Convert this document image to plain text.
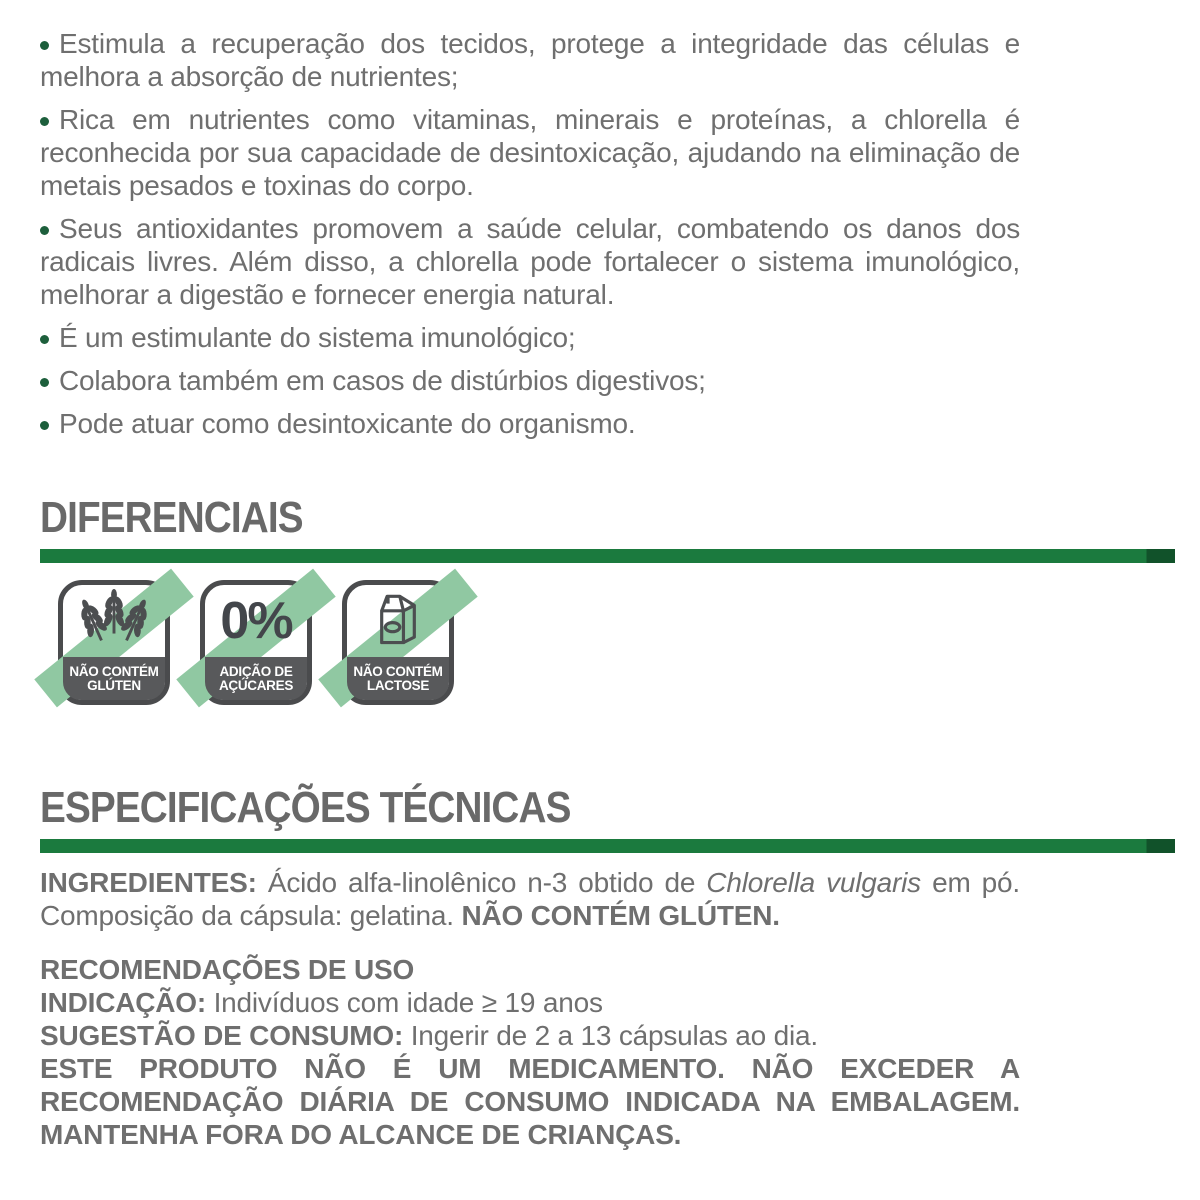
Estimula a recuperação dos tecidos, protege a integridade das células e melhora a absorção de nutrientes;
Rica em nutrientes como vitaminas, minerais e proteínas, a chlorella é reconhecida por sua capacidade de desintoxicação, ajudando na eliminação de metais pesados e toxinas do corpo.
Seus antioxidantes promovem a saúde celular, combatendo os danos dos radicais livres. Além disso, a chlorella pode fortalecer o sistema imunológico, melhorar a digestão e fornecer energia natural.
É um estimulante do sistema imunológico;
Colabora também em casos de distúrbios digestivos;
Pode atuar como desintoxicante do organismo.
DIFERENCIAIS
NÃO CONTÉM
GLÚTEN
ADIÇÃO DE
AÇÚCARES
0%
NÃO CONTÉM
LACTOSE
ESPECIFICAÇÕES TÉCNICAS

INGREDIENTES: Ácido alfa-linolênico n-3 obtido de Chlorella vulgaris em pó. Composição da cápsula: gelatina. NÃO CONTÉM GLÚTEN.

RECOMENDAÇÕES DE USO

INDICAÇÃO: Indivíduos com idade ≥ 19 anos

SUGESTÃO DE CONSUMO: Ingerir de 2 a 13 cápsulas ao dia.

ESTE PRODUTO NÃO É UM MEDICAMENTO. NÃO EXCEDER A RECOMENDAÇÃO DIÁRIA DE CONSUMO INDICADA NA EMBALAGEM. MANTENHA FORA DO ALCANCE DE CRIANÇAS.
